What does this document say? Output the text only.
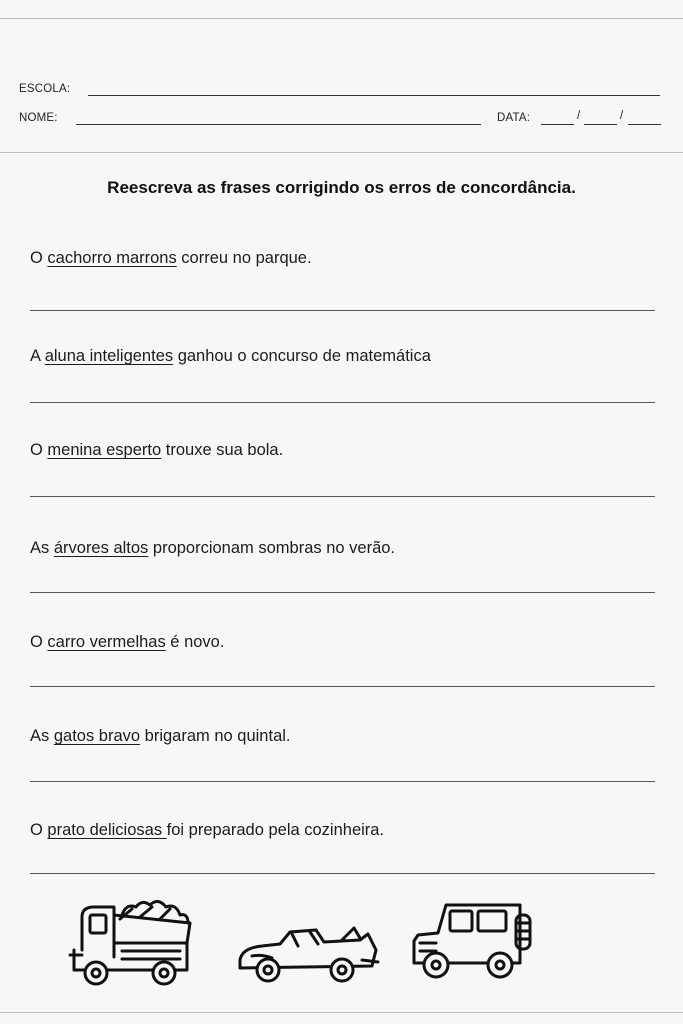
ESCOLA:
NOME:	DATA:	/	/
Reescreva as frases corrigindo os erros de concordância.
O cachorro marrons correu no parque.
A aluna inteligentes ganhou o concurso de matemática
O menina esperto trouxe sua bola.
As árvores altos proporcionam sombras no verão.
O carro vermelhas é novo.
As gatos bravo brigaram no quintal.
O prato deliciosas foi preparado pela cozinheira.
